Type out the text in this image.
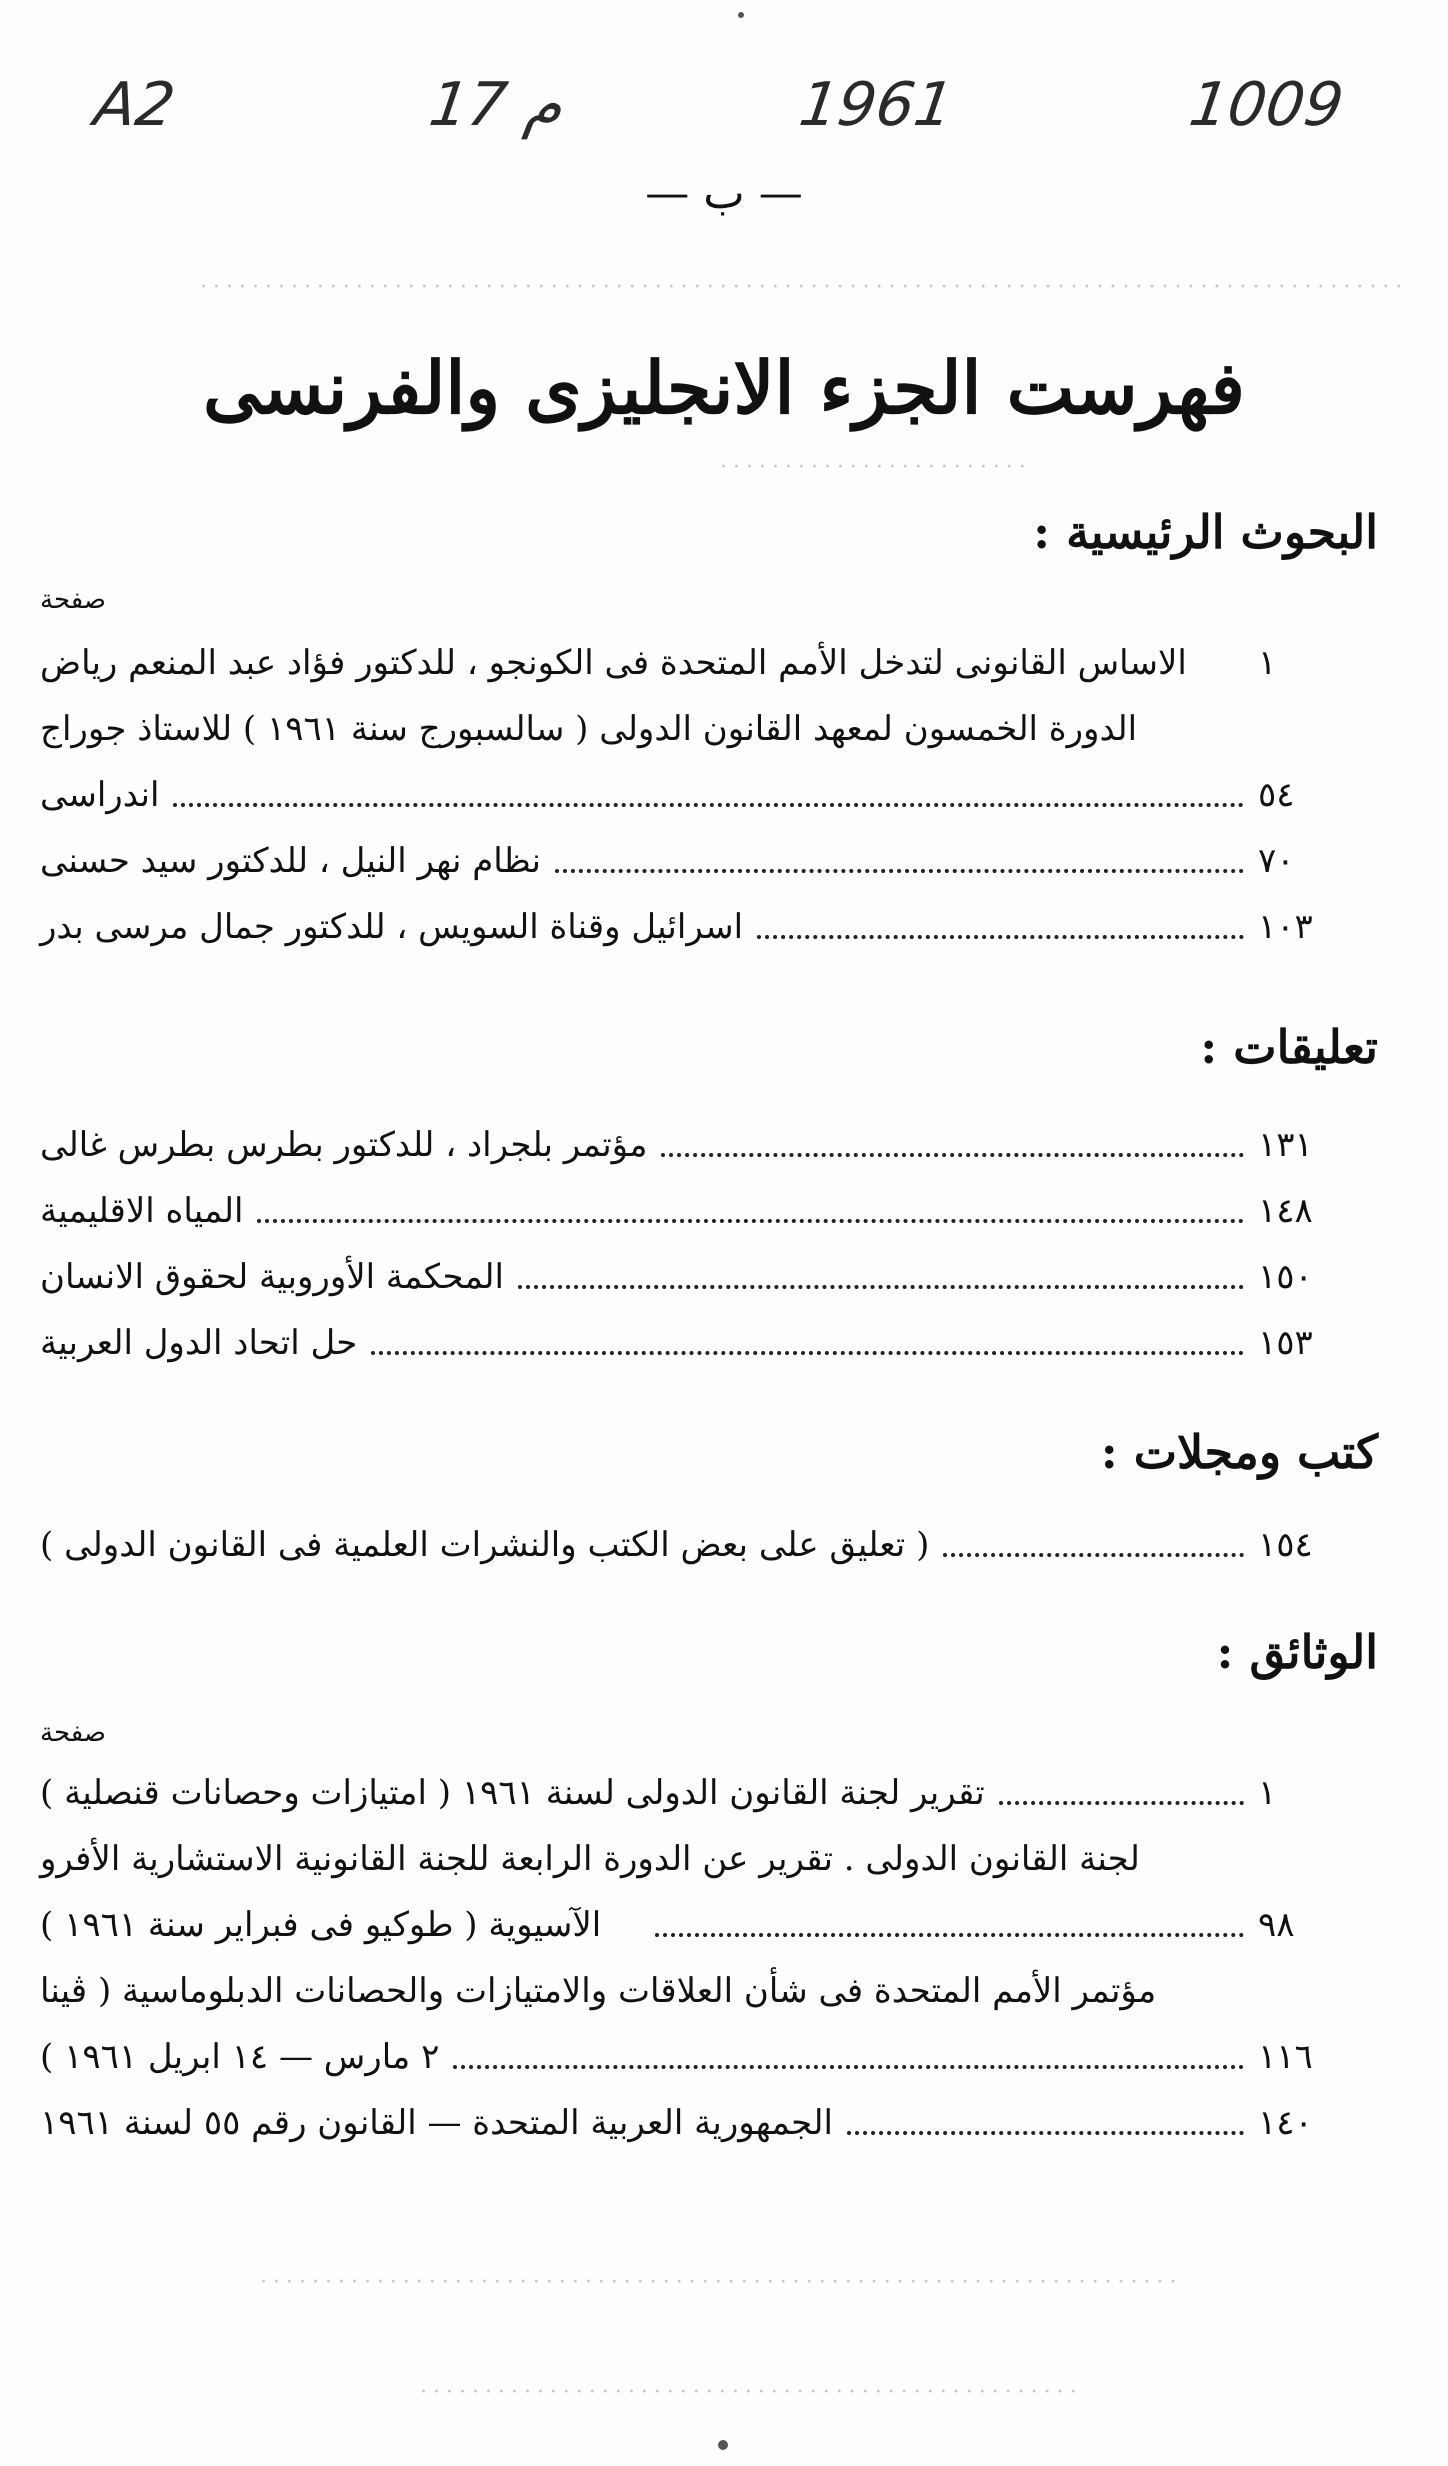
A2	17 م	1961	1009
— ب —
·····························································································
························
فهرست الجزء الانجليزى والفرنسى
البحوث الرئيسية :
صفحة
الاساس القانونى لتدخل الأمم المتحدة فى الكونجو ، للدكتور فؤاد عبد المنعم رياض ١
الدورة الخمسون لمعهد القانون الدولى ( سالسبورج سنة ١٩٦١ ) للاستاذ جوراج
اندراسى	٥٤
نظام نهر النيل ، للدكتور سيد حسنى	٧٠
اسرائيل وقناة السويس ، للدكتور جمال مرسى بدر	١٠٣
تعليقات :
مؤتمر بلجراد ، للدكتور بطرس بطرس غالى	١٣١
المياه الاقليمية	١٤٨
المحكمة الأوروبية لحقوق الانسان	١٥٠
حل اتحاد الدول العربية	١٥٣
كتب ومجلات :
( تعليق على بعض الكتب والنشرات العلمية فى القانون الدولى )	١٥٤
الوثائق :
صفحة
تقرير لجنة القانون الدولى لسنة ١٩٦١ ( امتيازات وحصانات قنصلية )	١
لجنة القانون الدولى . تقرير عن الدورة الرابعة للجنة القانونية الاستشارية الأفرو
الآسيوية ( طوكيو فى فبراير سنة ١٩٦١ )	٩٨
مؤتمر الأمم المتحدة فى شأن العلاقات والامتيازات والحصانات الدبلوماسية ( ڤينا
٢ مارس — ١٤ ابريل ١٩٦١ )	١١٦
الجمهورية العربية المتحدة — القانون رقم ٥٥ لسنة ١٩٦١	١٤٠
·······································································
···················································
